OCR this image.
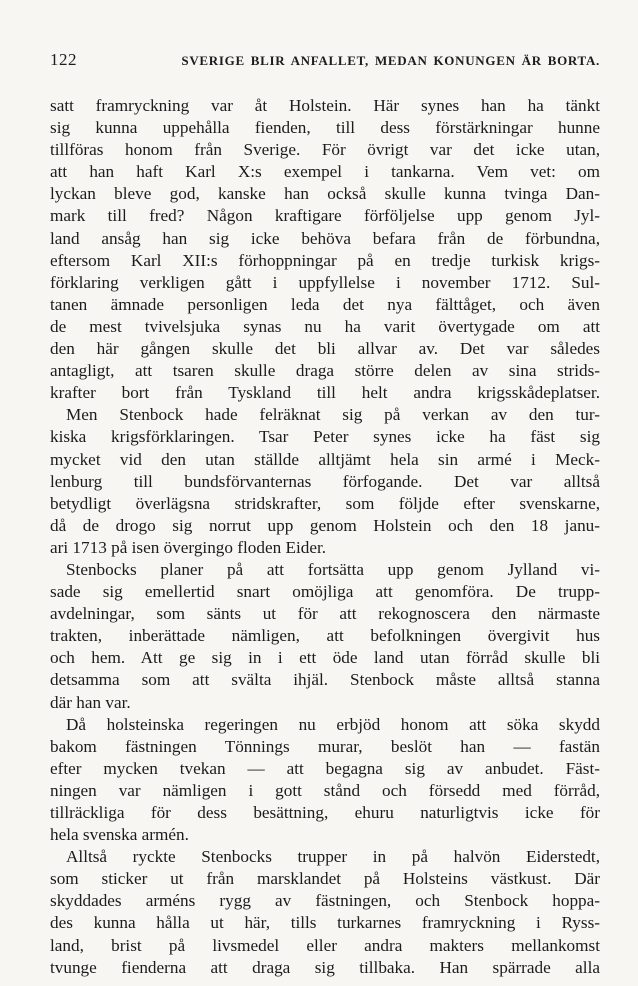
122	SVERIGE BLIR ANFALLET, MEDAN KONUNGEN ÄR BORTA.
satt framryckning var åt Holstein. Här synes han ha tänkt
sig kunna uppehålla fienden, till dess förstärkningar hunne
tillföras honom från Sverige. För övrigt var det icke utan,
att han haft Karl X:s exempel i tankarna. Vem vet: om
lyckan bleve god, kanske han också skulle kunna tvinga Dan-
mark till fred? Någon kraftigare förföljelse upp genom Jyl-
land ansåg han sig icke behöva befara från de förbundna,
eftersom Karl XII:s förhoppningar på en tredje turkisk krigs-
förklaring verkligen gått i uppfyllelse i november 1712. Sul-
tanen ämnade personligen leda det nya fälttåget, och även
de mest tvivelsjuka synas nu ha varit övertygade om att
den här gången skulle det bli allvar av. Det var således
antagligt, att tsaren skulle draga större delen av sina strids-
krafter bort från Tyskland till helt andra krigsskådeplatser.
Men Stenbock hade felräknat sig på verkan av den tur-
kiska krigsförklaringen. Tsar Peter synes icke ha fäst sig
mycket vid den utan ställde alltjämt hela sin armé i Meck-
lenburg till bundsförvanternas förfogande. Det var alltså
betydligt överlägsna stridskrafter, som följde efter svenskarne,
då de drogo sig norrut upp genom Holstein och den 18 janu-
ari 1713 på isen övergingo floden Eider.
Stenbocks planer på att fortsätta upp genom Jylland vi-
sade sig emellertid snart omöjliga att genomföra. De trupp-
avdelningar, som sänts ut för att rekognoscera den närmaste
trakten, inberättade nämligen, att befolkningen övergivit hus
och hem. Att ge sig in i ett öde land utan förråd skulle bli
detsamma som att svälta ihjäl. Stenbock måste alltså stanna
där han var.
Då holsteinska regeringen nu erbjöd honom att söka skydd
bakom fästningen Tönnings murar, beslöt han — fastän
efter mycken tvekan — att begagna sig av anbudet. Fäst-
ningen var nämligen i gott stånd och försedd med förråd,
tillräckliga för dess besättning, ehuru naturligtvis icke för
hela svenska armén.
Alltså ryckte Stenbocks trupper in på halvön Eiderstedt,
som sticker ut från marsklandet på Holsteins västkust. Där
skyddades arméns rygg av fästningen, och Stenbock hoppa-
des kunna hålla ut här, tills turkarnes framryckning i Ryss-
land, brist på livsmedel eller andra makters mellankomst
tvunge fienderna att draga sig tillbaka. Han spärrade alla
